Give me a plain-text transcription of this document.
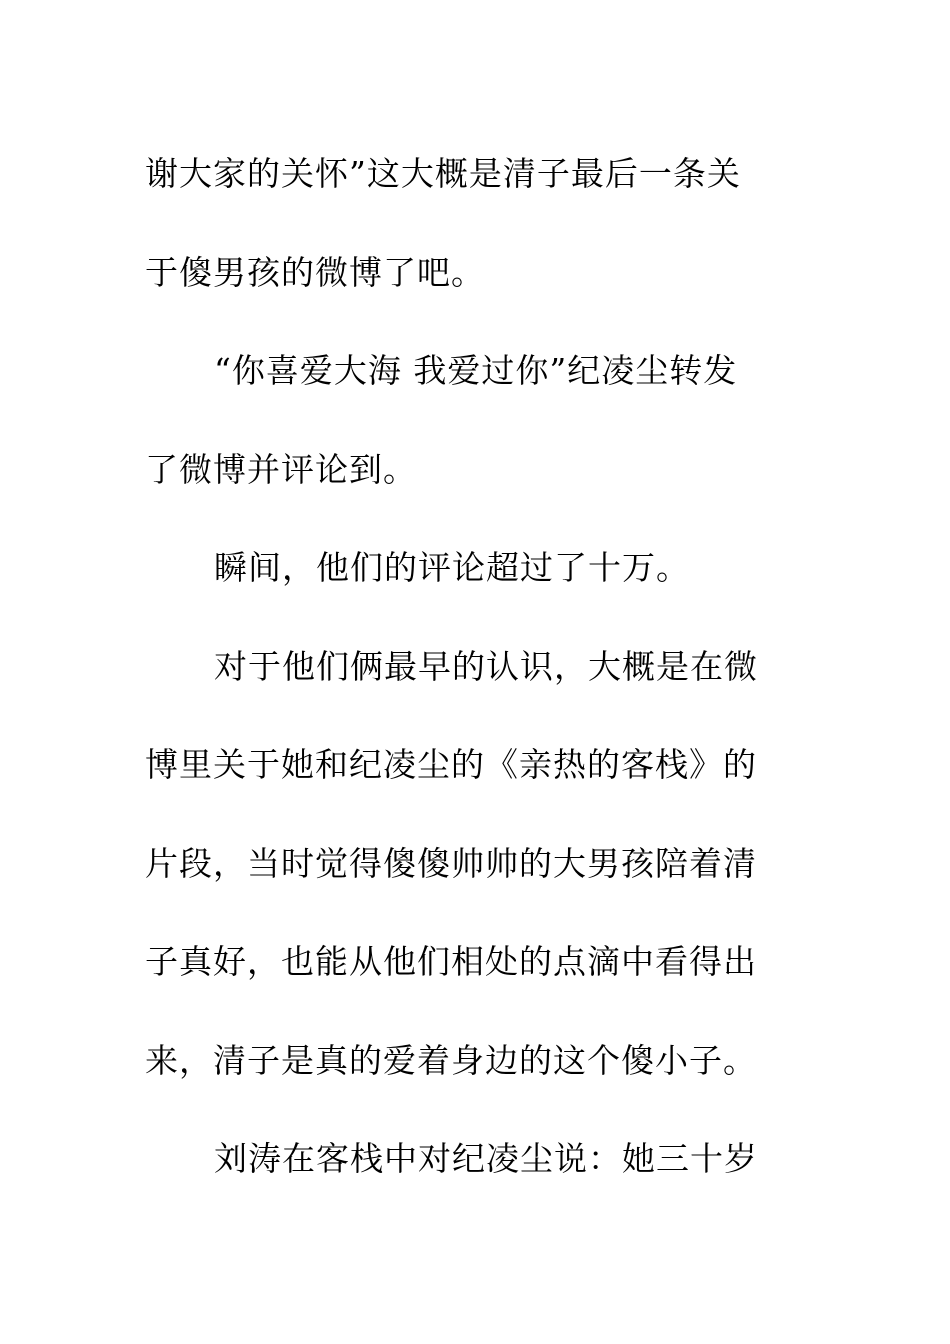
谢大家的关怀”这大概是清子最后一条关
于傻男孩的微博了吧。
“你喜爱大海 我爱过你”纪凌尘转发
了微博并评论到。
瞬间，他们的评论超过了十万。
对于他们俩最早的认识，大概是在微
博里关于她和纪凌尘的《亲热的客栈》的
片段，当时觉得傻傻帅帅的大男孩陪着清
子真好，也能从他们相处的点滴中看得出
来，清子是真的爱着身边的这个傻小子。
刘涛在客栈中对纪凌尘说：她三十岁
